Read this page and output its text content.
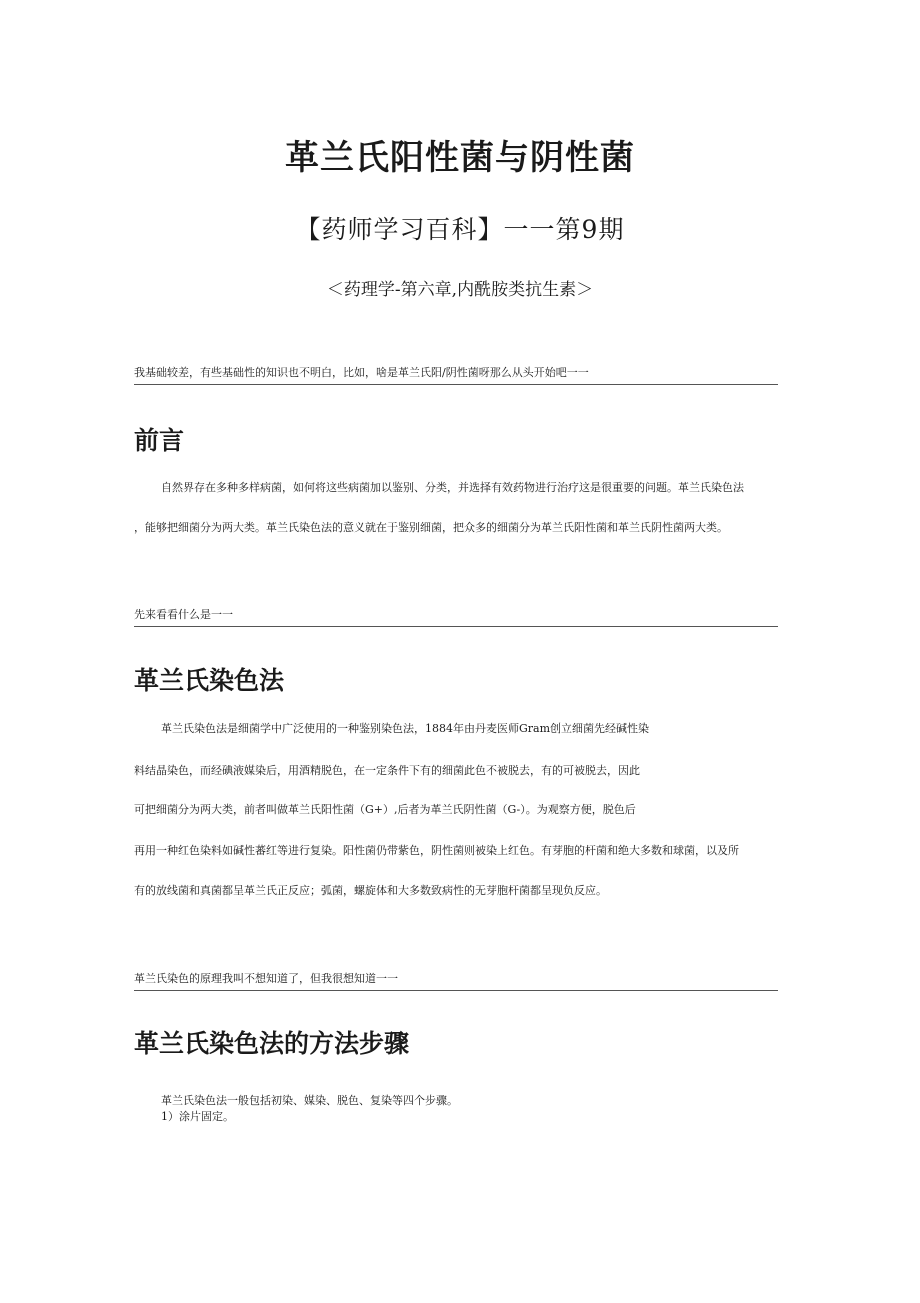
革兰氏阳性菌与阴性菌
【药师学习百科】一一第9期
＜药理学-第六章,内酰胺类抗生素＞
我基础较差，有些基础性的知识也不明白，比如，啥是革兰氏阳/阴性菌呀那么从头开始吧一一
前言

自然界存在多种多样病菌，如何将这些病菌加以鉴别、分类，并选择有效药物进行治疗这是很重要的问题。革兰氏染色法

，能够把细菌分为两大类。革兰氏染色法的意义就在于鉴别细菌，把众多的细菌分为革兰氏阳性菌和革兰氏阴性菌两大类。

先来看看什么是一一
革兰氏染色法

革兰氏染色法是细菌学中广泛使用的一种鉴别染色法，1884年由丹麦医师Gram创立细菌先经碱性染

料结晶染色，而经碘液媒染后，用酒精脱色，在一定条件下有的细菌此色不被脱去，有的可被脱去，因此

可把细菌分为两大类，前者叫做革兰氏阳性菌（G+）,后者为革兰氏阴性菌（G-）。为观察方便，脱色后

再用一种红色染料如碱性蕃红等进行复染。阳性菌仍带紫色，阴性菌则被染上红色。有芽胞的杆菌和绝大多数和球菌，以及所

有的放线菌和真菌都呈革兰氏正反应；弧菌，螺旋体和大多数致病性的无芽胞杆菌都呈现负反应。

革兰氏染色的原理我叫不想知道了，但我很想知道一一
革兰氏染色法的方法步骤

革兰氏染色法一般包括初染、媒染、脱色、复染等四个步骤。

1）涂片固定。
